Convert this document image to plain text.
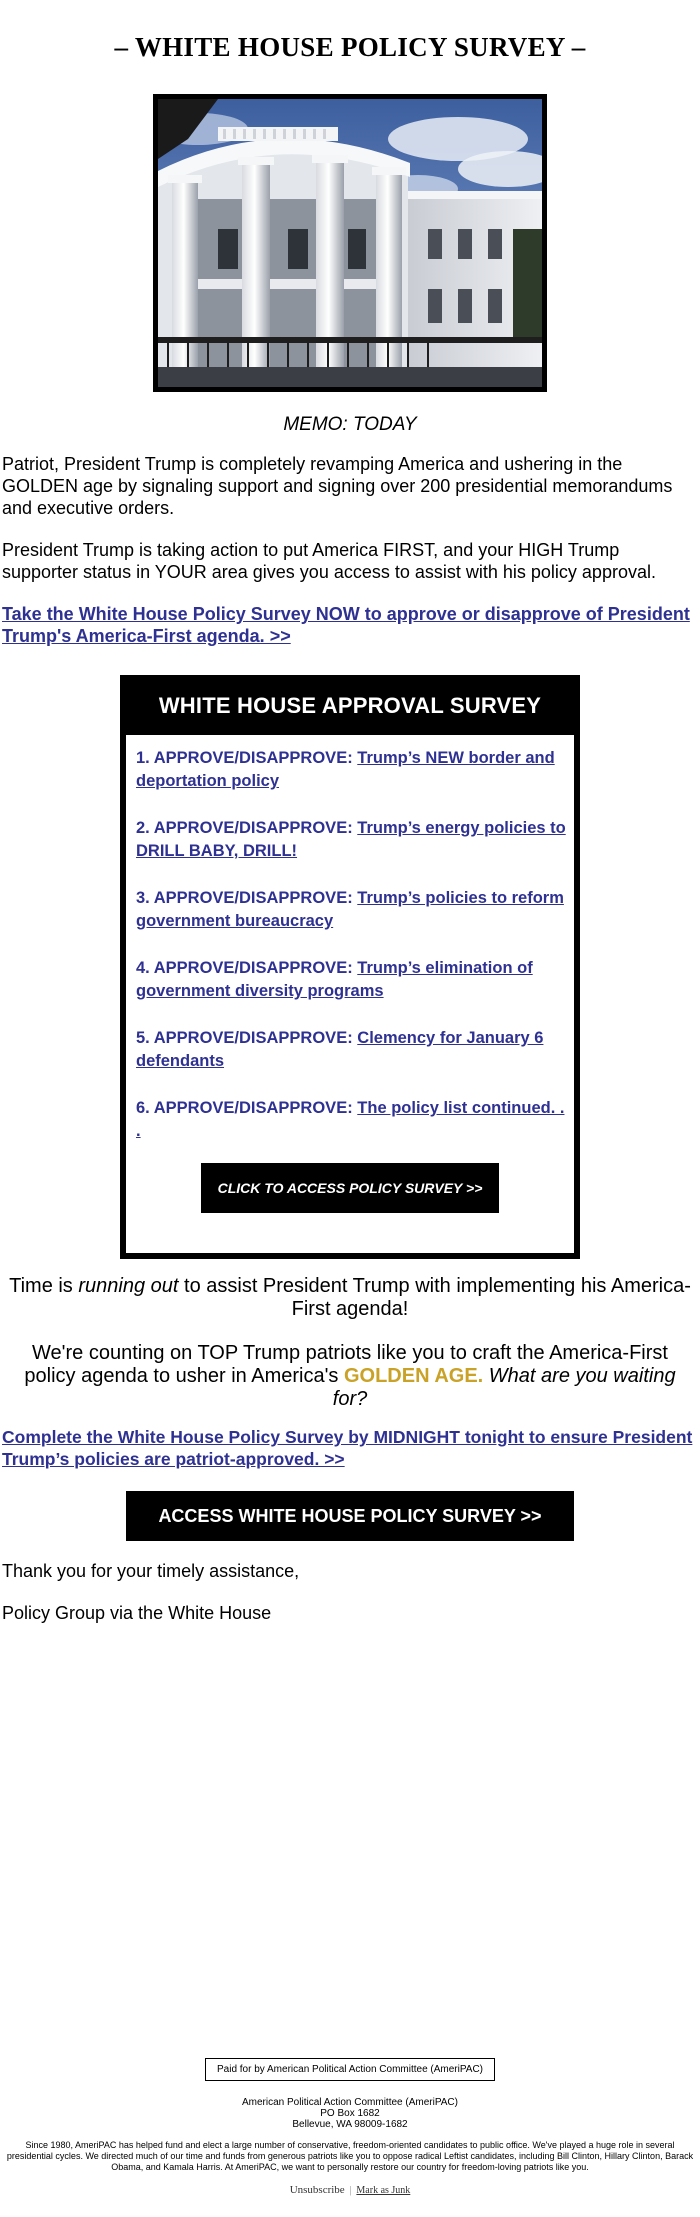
– WHITE HOUSE POLICY SURVEY –

MEMO: TODAY

Patriot, President Trump is completely revamping America and ushering in the GOLDEN age by signaling support and signing over 200 presidential memorandums and executive orders.

President Trump is taking action to put America FIRST, and your HIGH Trump supporter status in YOUR area gives you access to assist with his policy approval.

Take the White House Policy Survey NOW to approve or disapprove of President Trump's America-First agenda. >>
WHITE HOUSE APPROVAL SURVEY
1. APPROVE/DISAPPROVE: Trump’s NEW border and deportation policy
2. APPROVE/DISAPPROVE: Trump’s energy policies to DRILL BABY, DRILL!
3. APPROVE/DISAPPROVE: Trump’s policies to reform government bureaucracy
4. APPROVE/DISAPPROVE: Trump’s elimination of government diversity programs
5. APPROVE/DISAPPROVE: Clemency for January 6 defendants
6. APPROVE/DISAPPROVE: The policy list continued. . .
CLICK TO ACCESS POLICY SURVEY >>

Time is running out to assist President Trump with implementing his America-First agenda!

We're counting on TOP Trump patriots like you to craft the America-First policy agenda to usher in America's GOLDEN AGE. What are you waiting for?

Complete the White House Policy Survey by MIDNIGHT tonight to ensure President Trump’s policies are patriot-approved. >>
ACCESS WHITE HOUSE POLICY SURVEY >>

Thank you for your timely assistance,

Policy Group via the White House

Paid for by American Political Action Committee (AmeriPAC)
American Political Action Committee (AmeriPAC)
PO Box 1682
Bellevue, WA 98009-1682
Since 1980, AmeriPAC has helped fund and elect a large number of conservative, freedom-oriented candidates to public office. We've played a huge role in several presidential cycles. We directed much of our time and funds from generous patriots like you to oppose radical Leftist candidates, including Bill Clinton, Hillary Clinton, Barack Obama, and Kamala Harris. At AmeriPAC, we want to personally restore our country for freedom-loving patriots like you.
Unsubscribe | Mark as Junk
